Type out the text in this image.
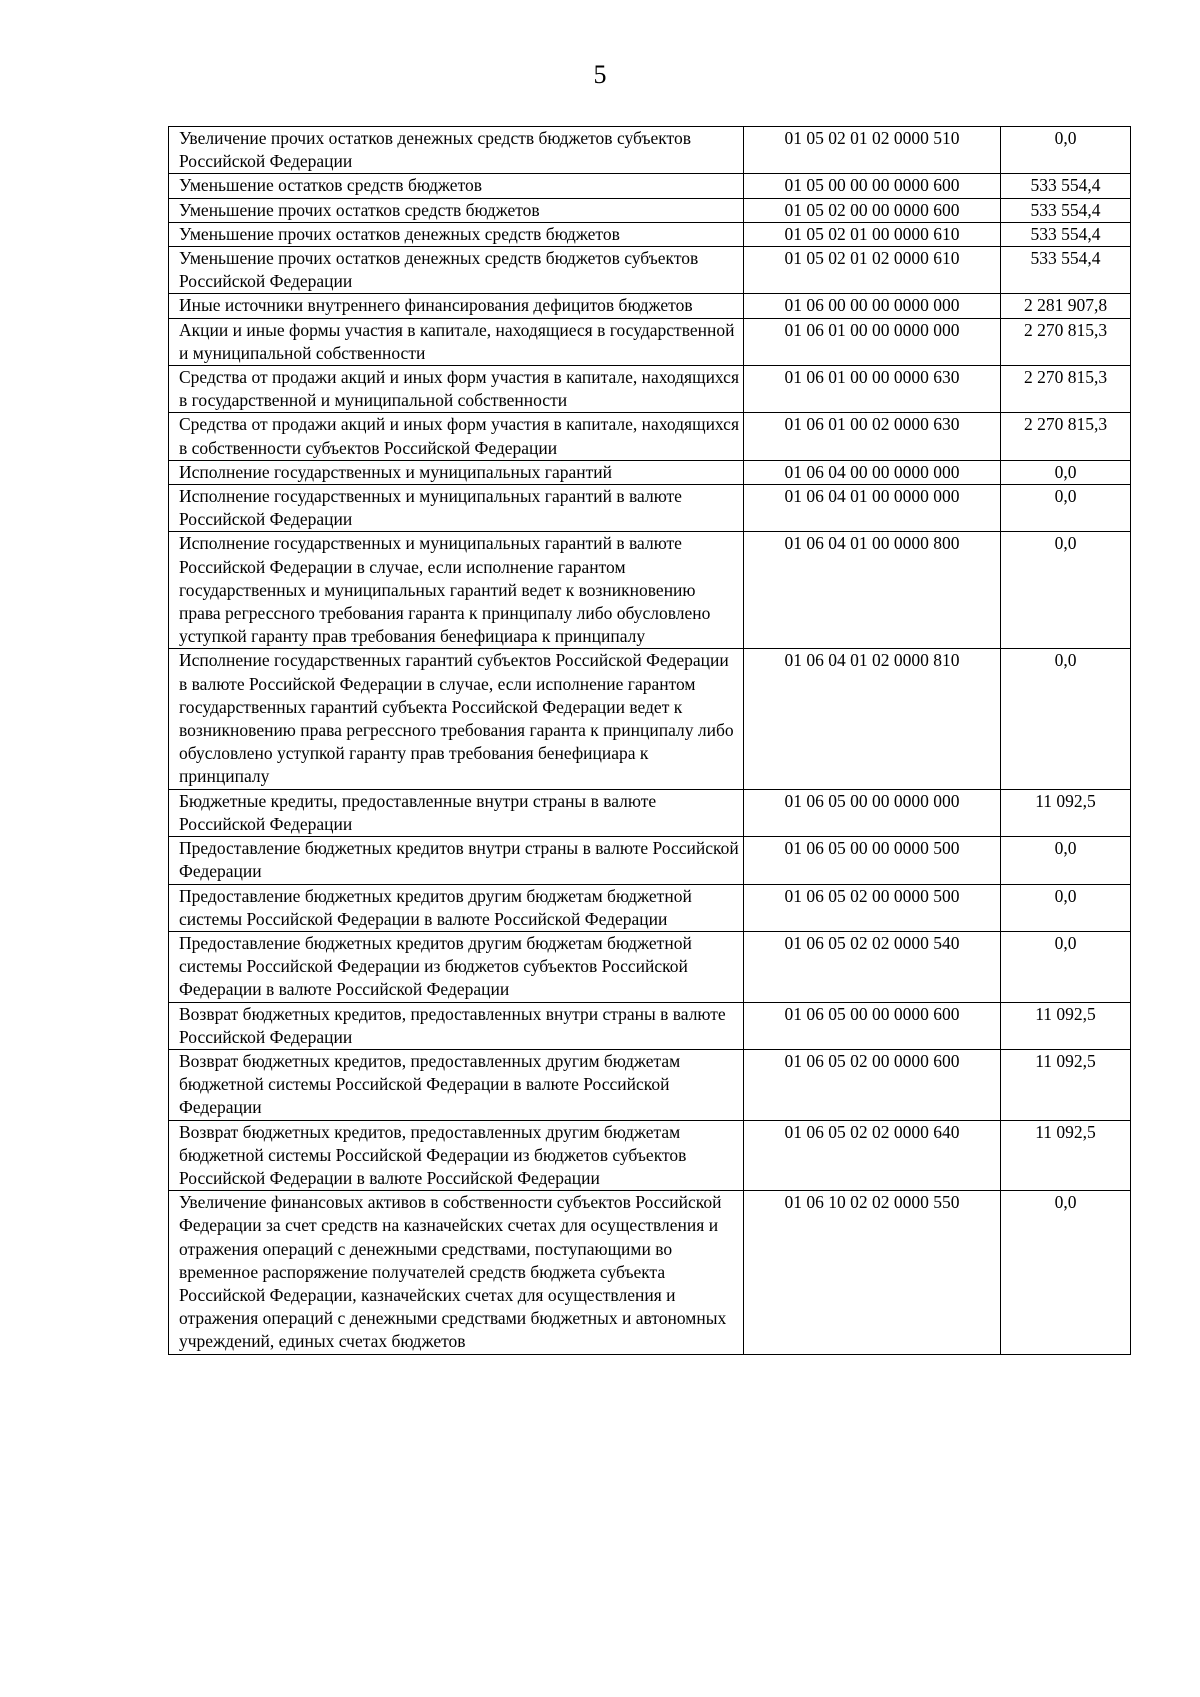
5
Увеличение прочих остатков денежных средств бюджетов субъектов Российской Федерации	01 05 02 01 02 0000 510	0,0
Уменьшение остатков средств бюджетов	01 05 00 00 00 0000 600	533 554,4
Уменьшение прочих остатков средств бюджетов	01 05 02 00 00 0000 600	533 554,4
Уменьшение прочих остатков денежных средств бюджетов	01 05 02 01 00 0000 610	533 554,4
Уменьшение прочих остатков денежных средств бюджетов субъектов Российской Федерации	01 05 02 01 02 0000 610	533 554,4
Иные источники внутреннего финансирования дефицитов бюджетов	01 06 00 00 00 0000 000	2 281 907,8
Акции и иные формы участия в капитале, находящиеся в государственной и муниципальной собственности	01 06 01 00 00 0000 000	2 270 815,3
Средства от продажи акций и иных форм участия в капитале, находящихся в государственной и муниципальной собственности	01 06 01 00 00 0000 630	2 270 815,3
Средства от продажи акций и иных форм участия в капитале, находящихся в собственности субъектов Российской Федерации	01 06 01 00 02 0000 630	2 270 815,3
Исполнение государственных и муниципальных гарантий	01 06 04 00 00 0000 000	0,0
Исполнение государственных и муниципальных гарантий в валюте Российской Федерации	01 06 04 01 00 0000 000	0,0
Исполнение государственных и муниципальных гарантий в валюте Российской Федерации в случае, если исполнение гарантом государственных и муниципальных гарантий ведет к возникновению права регрессного требования гаранта к принципалу либо обусловлено уступкой гаранту прав требования бенефициара к принципалу	01 06 04 01 00 0000 800	0,0
Исполнение государственных гарантий субъектов Российской Федерации в валюте Российской Федерации в случае, если исполнение гарантом государственных гарантий субъекта Российской Федерации ведет к возникновению права регрессного требования гаранта к принципалу либо обусловлено уступкой гаранту прав требования бенефициара к принципалу	01 06 04 01 02 0000 810	0,0
Бюджетные кредиты, предоставленные внутри страны в валюте Российской Федерации	01 06 05 00 00 0000 000	11 092,5
Предоставление бюджетных кредитов внутри страны в валюте Российской Федерации	01 06 05 00 00 0000 500	0,0
Предоставление бюджетных кредитов другим бюджетам бюджетной системы Российской Федерации в валюте Российской Федерации	01 06 05 02 00 0000 500	0,0
Предоставление бюджетных кредитов другим бюджетам бюджетной системы Российской Федерации из бюджетов субъектов Российской Федерации в валюте Российской Федерации	01 06 05 02 02 0000 540	0,0
Возврат бюджетных кредитов, предоставленных внутри страны в валюте Российской Федерации	01 06 05 00 00 0000 600	11 092,5
Возврат бюджетных кредитов, предоставленных другим бюджетам бюджетной системы Российской Федерации в валюте Российской Федерации	01 06 05 02 00 0000 600	11 092,5
Возврат бюджетных кредитов, предоставленных другим бюджетам бюджетной системы Российской Федерации из бюджетов субъектов Российской Федерации в валюте Российской Федерации	01 06 05 02 02 0000 640	11 092,5
Увеличение финансовых активов в собственности субъектов Российской Федерации за счет средств на казначейских счетах для осуществления и отражения операций с денежными средствами, поступающими во временное распоряжение получателей средств бюджета субъекта Российской Федерации, казначейских счетах для осуществления и отражения операций с денежными средствами бюджетных и автономных учреждений, единых счетах бюджетов	01 06 10 02 02 0000 550	0,0
